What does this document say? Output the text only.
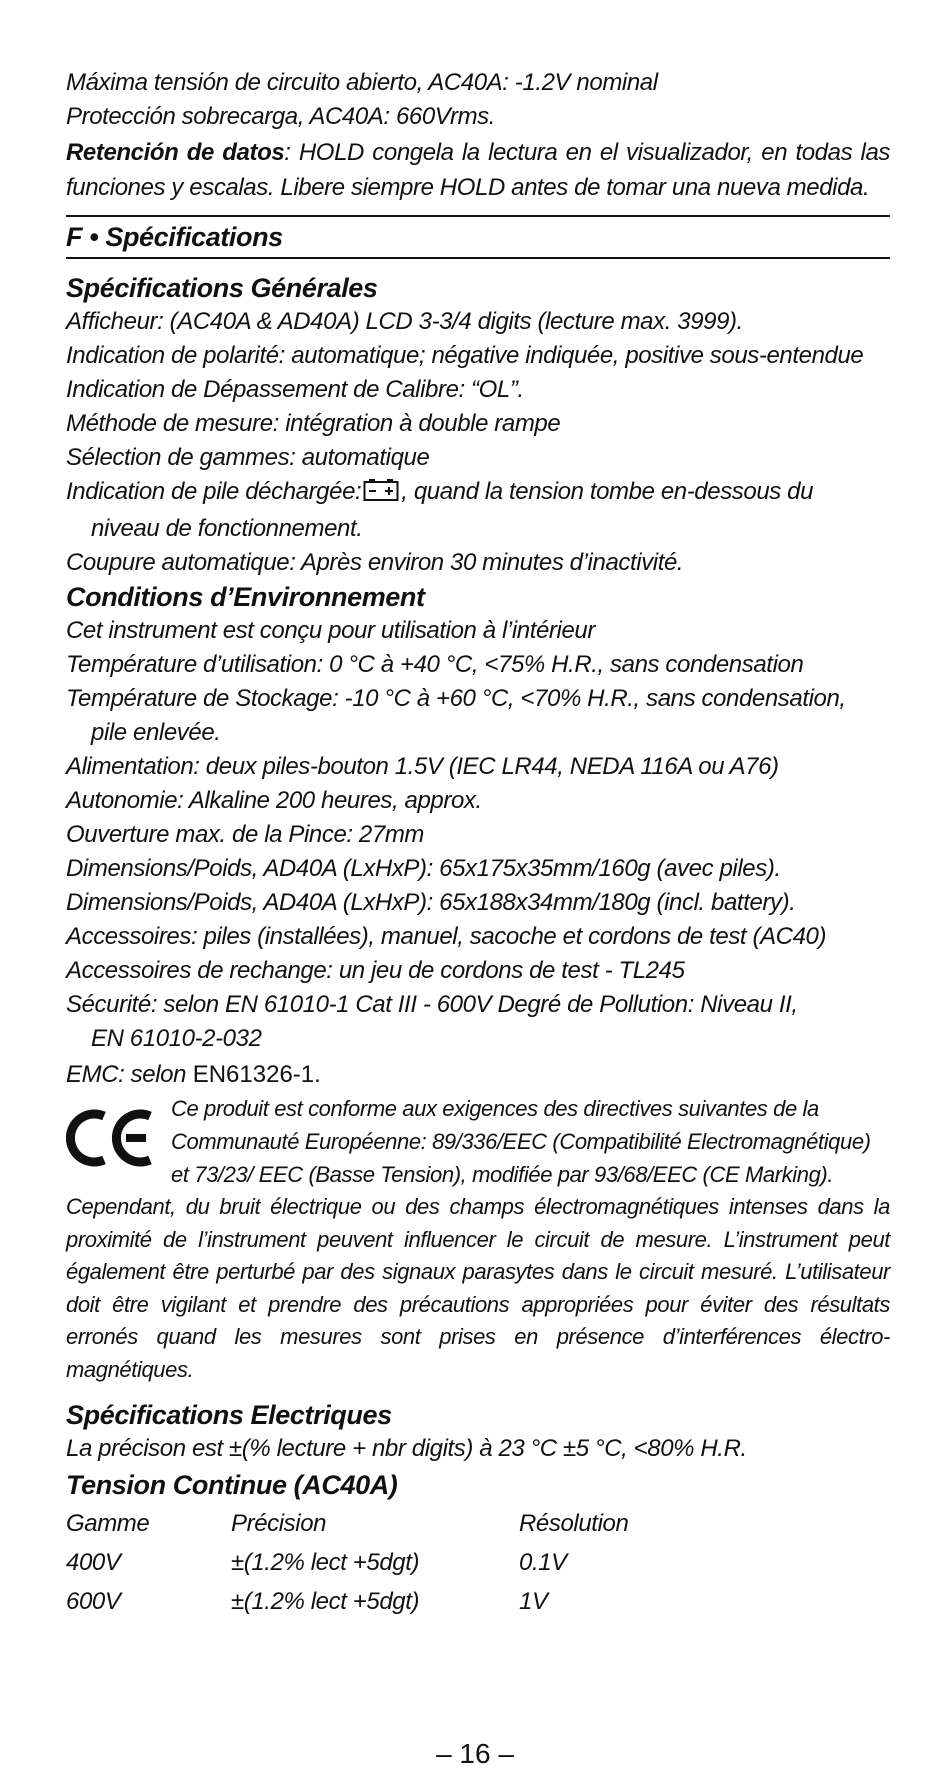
Máxima tensión de circuito abierto, AC40A: -1.2V nominal
Protección sobrecarga, AC40A: 660Vrms.
Retención de datos: HOLD congela la lectura en el visualizador, en todas las funciones y escalas. Libere siempre HOLD antes de tomar una nueva medida.
F • Spécifications
Spécifications Générales
Afficheur: (AC40A & AD40A) LCD 3-3/4 digits (lecture max. 3999).
Indication de polarité: automatique; négative indiquée, positive sous-entendue
Indication de Dépassement de Calibre: “OL”.
Méthode de mesure: intégration à double rampe
Sélection de gammes: automatique
Indication de pile déchargée: , quand la tension tombe en-dessous du
niveau de fonctionnement.
Coupure automatique: Après environ 30 minutes d’inactivité.
Conditions d’Environnement
Cet instrument est conçu pour utilisation à l’intérieur
Température d’utilisation: 0 °C à +40 °C, <75% H.R., sans condensation
Température de Stockage: -10 °C à +60 °C, <70% H.R., sans condensation,
pile enlevée.
Alimentation: deux piles-bouton 1.5V (IEC LR44, NEDA 116A ou A76)
Autonomie: Alkaline 200 heures, approx.
Ouverture max. de la Pince: 27mm
Dimensions/Poids, AD40A (LxHxP): 65x175x35mm/160g (avec piles).
Dimensions/Poids, AD40A (LxHxP): 65x188x34mm/180g (incl. battery).
Accessoires: piles (installées), manuel, sacoche et cordons de test (AC40)
Accessoires de rechange: un jeu de cordons de test - TL245
Sécurité: selon EN 61010-1 Cat III - 600V Degré de Pollution: Niveau II,
EN 61010-2-032
EMC: selon EN61326-1.
Ce produit est conforme aux exigences des directives suivantes de la
Communauté Européenne: 89/336/EEC (Compatibilité Electromagnétique)
et 73/23/ EEC (Basse Tension), modifiée par 93/68/EEC (CE Marking).
Cependant, du bruit électrique ou des champs électromagnétiques intenses dans la proximité de l’instrument peuvent influencer le circuit de mesure. L’instrument peut également être perturbé par des signaux parasytes dans le circuit mesuré. L’utilisateur doit être vigilant et prendre des précautions appropriées pour éviter des résultats erronés quand les mesures sont prises en présence d’interférences électro-magnétiques.
Spécifications Electriques
La précison est ±(% lecture + nbr digits) à 23 °C ±5 °C, <80% H.R.
Tension Continue (AC40A)
Gamme	Précision	Résolution
400V	±(1.2% lect +5dgt)	0.1V
600V	±(1.2% lect +5dgt)	1V
– 16 –
